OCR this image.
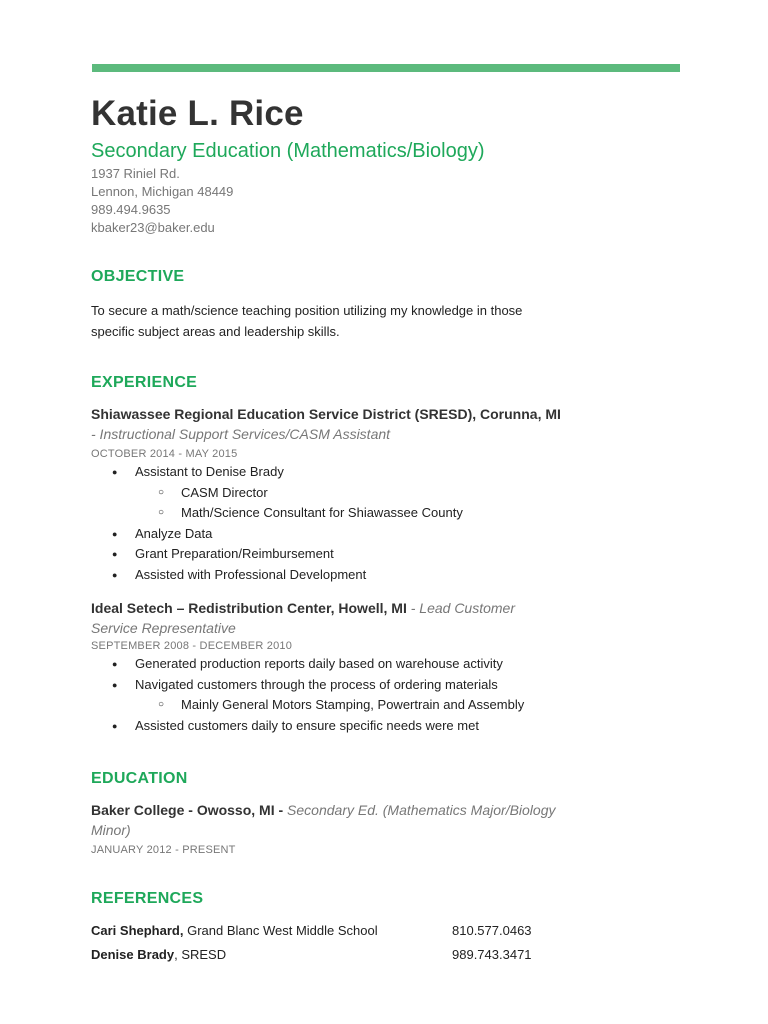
Katie L. Rice
Secondary Education (Mathematics/Biology)
1937 Riniel Rd.
Lennon, Michigan 48449
989.494.9635
kbaker23@baker.edu
OBJECTIVE
To secure a math/science teaching position utilizing my knowledge in those specific subject areas and leadership skills.
EXPERIENCE
Shiawassee Regional Education Service District (SRESD), Corunna, MI - Instructional Support Services/CASM Assistant
OCTOBER 2014 - MAY 2015
● Assistant to Denise Brady
○ CASM Director
○ Math/Science Consultant for Shiawassee County
● Analyze Data
● Grant Preparation/Reimbursement
● Assisted with Professional Development
Ideal Setech – Redistribution Center, Howell, MI - Lead Customer Service Representative
SEPTEMBER 2008 - DECEMBER 2010
● Generated production reports daily based on warehouse activity
● Navigated customers through the process of ordering materials
○ Mainly General Motors Stamping, Powertrain and Assembly
● Assisted customers daily to ensure specific needs were met
EDUCATION
Baker College - Owosso, MI - Secondary Ed. (Mathematics Major/Biology Minor)
JANUARY 2012 - PRESENT
REFERENCES
Cari Shephard, Grand Blanc West Middle School	810.577.0463
Denise Brady, SRESD	989.743.3471
